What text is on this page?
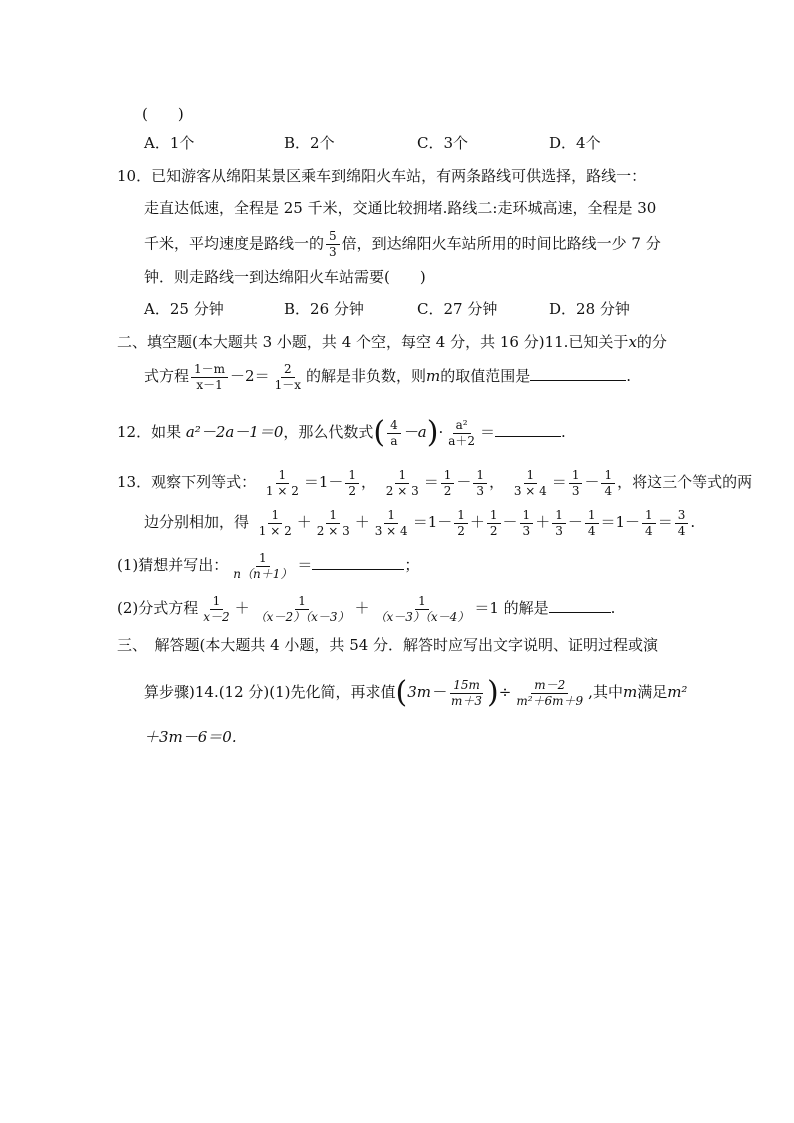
(　　)
A．1个	B．2个	C．3个	D．4个
10．已知游客从绵阳某景区乘车到绵阳火车站，有两条路线可供选择，路线一：
走直达低速，全程是 25 千米，交通比较拥堵.路线二:走环城高速，全程是 30
千米，平均速度是路线一的 $\frac{5}{3}$ 倍，到达绵阳火车站所用的时间比路线一少 7 分
钟．则走路线一到达绵阳火车站需要(　　)
A．25 分钟	B．26 分钟	C．27 分钟	D．28 分钟
二、填空题(本大题共 3 小题，共 4 个空，每空 4 分，共 16 分)11.已知关于x的分
式方程 $\frac{1-m}{x-1} -2= \frac{2}{1-x}$ 的解是非负数，则m的取值范围是	.
12．如果 a²－2a－1＝0，那么代数式( $\frac{4}{a} -a)\cdot \frac{\text{a²}}{a+2}$ ＝	.
13．观察下列等式： $\frac{1}{1 \times 2} =1- \frac{1}{2}$ ， $\frac{1}{2 \times 3} = \frac{1}{2} - \frac{1}{3}$ ， $\frac{1}{3 \times 4} = \frac{1}{3} - \frac{1}{4}$ ，将这三个等式的两
边分别相加，得 $\frac{1}{1 \times 2} + \frac{1}{2 \times 3} + \frac{1}{3 \times 4} =1- \frac{1}{2} + \frac{1}{2} - \frac{1}{3} + \frac{1}{3} - \frac{1}{4} =1- \frac{1}{4} = \frac{3}{4}$ .
(1)猜想并写出： $\frac{1}{n(n+1)}$ ＝	；
(2)分式方程 $\frac{1}{x-2} + \frac{1}{(x-2)(x-3)} + \frac{1}{(x-3)(x-4)} =1$ 的解是	.
三、　解答题(本大题共 4 小题，共 54 分．解答时应写出文字说明、证明过程或演
算步骤)14.(12 分)(1)先化简，再求值($3m- \frac{15m}{m+3}$ )÷ $\frac{m-2}{\text{m²＋6m＋9}}$ ,其中m满足m²
＋3m－6＝0.
